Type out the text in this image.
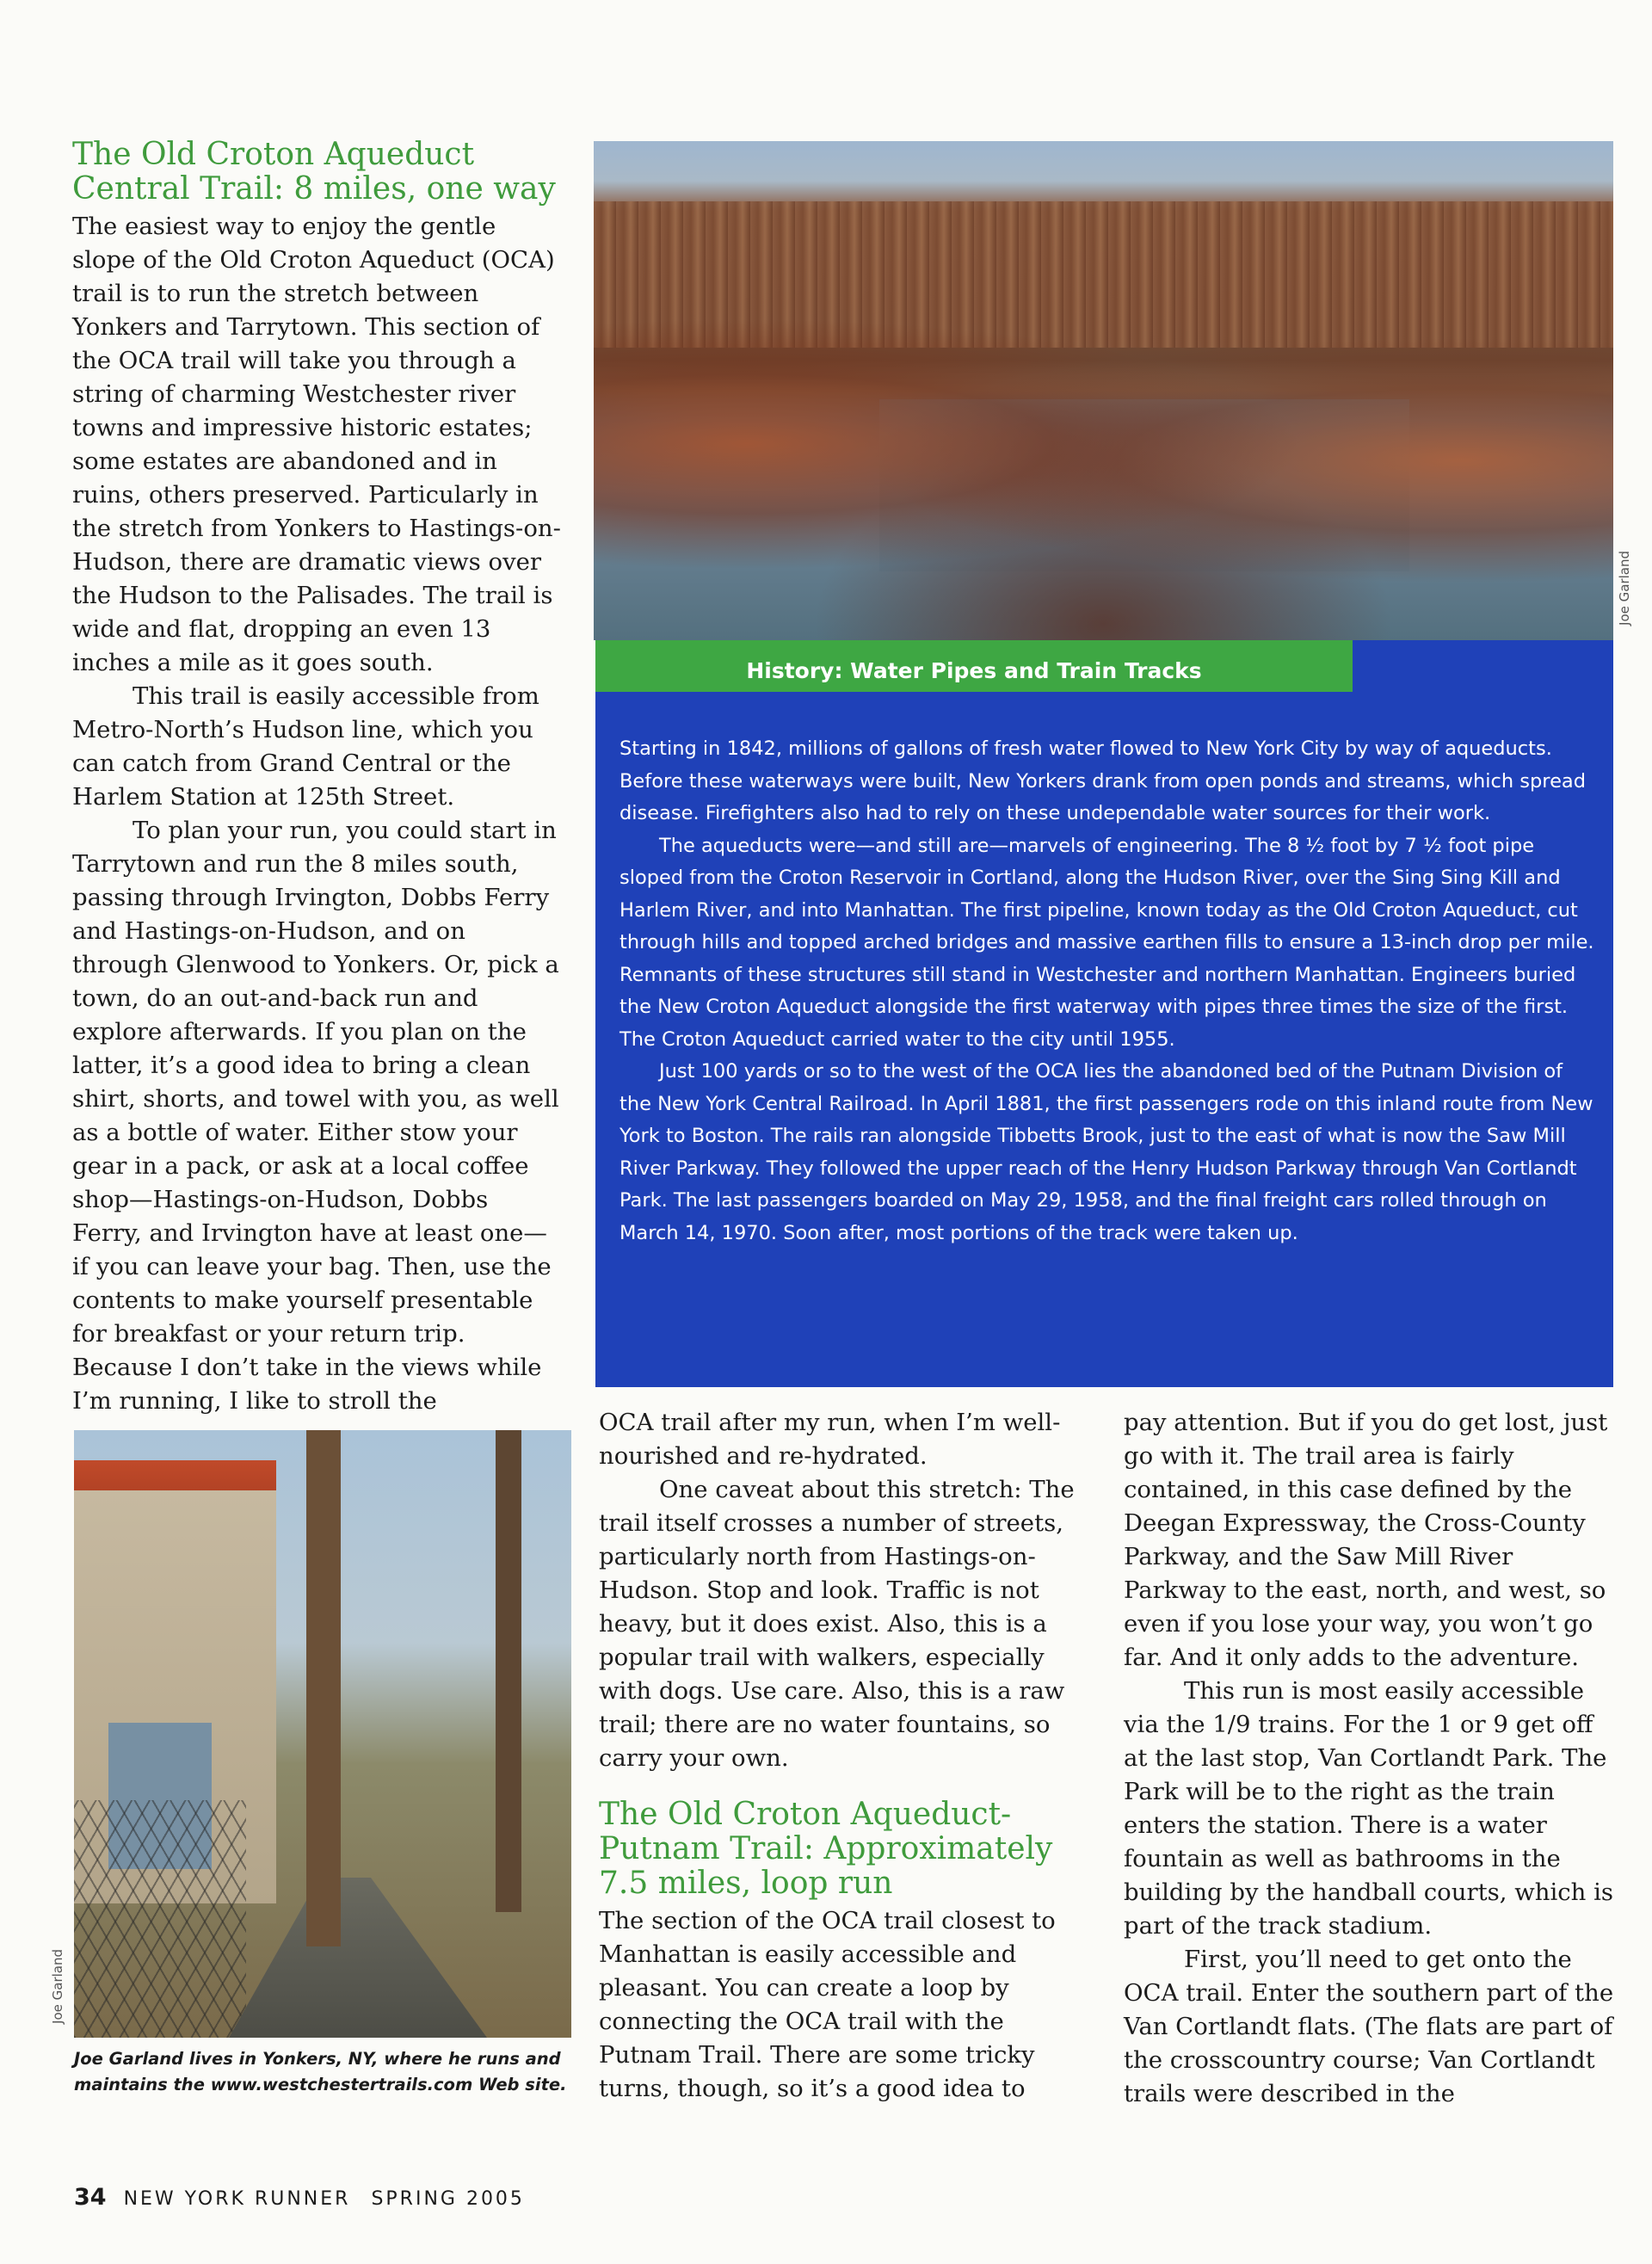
The Old Croton Aqueduct Central Trail: 8 miles, one way

The easiest way to enjoy the gentle slope of the Old Croton Aqueduct (OCA) trail is to run the stretch between Yonkers and Tarrytown. This section of the OCA trail will take you through a string of charming Westchester river towns and impressive historic estates; some estates are abandoned and in ruins, others preserved. Particularly in the stretch from Yonkers to Hastings-on-Hudson, there are dramatic views over the Hudson to the Palisades. The trail is wide and flat, dropping an even 13 inches a mile as it goes south.

This trail is easily accessible from Metro-North’s Hudson line, which you can catch from Grand Central or the Harlem Station at 125th Street.

To plan your run, you could start in Tarrytown and run the 8 miles south, passing through Irvington, Dobbs Ferry and Hastings-on-Hudson, and on through Glenwood to Yonkers. Or, pick a town, do an out-and-back run and explore afterwards. If you plan on the latter, it’s a good idea to bring a clean shirt, shorts, and towel with you, as well as a bottle of water. Either stow your gear in a pack, or ask at a local coffee shop—Hastings-on-Hudson, Dobbs Ferry, and Irvington have at least one—if you can leave your bag. Then, use the contents to make yourself presentable for breakfast or your return trip. Because I don’t take in the views while I’m running, I like to stroll the

Joe Garland
History: Water Pipes and Train Tracks

Starting in 1842, millions of gallons of fresh water flowed to New York City by way of aqueducts. Before these waterways were built, New Yorkers drank from open ponds and streams, which spread disease. Firefighters also had to rely on these undependable water sources for their work.

The aqueducts were—and still are—marvels of engineering. The 8 ½ foot by 7 ½ foot pipe sloped from the Croton Reservoir in Cortland, along the Hudson River, over the Sing Sing Kill and Harlem River, and into Manhattan. The first pipeline, known today as the Old Croton Aqueduct, cut through hills and topped arched bridges and massive earthen fills to ensure a 13-inch drop per mile. Remnants of these structures still stand in Westchester and northern Manhattan. Engineers buried the New Croton Aqueduct alongside the first waterway with pipes three times the size of the first. The Croton Aqueduct carried water to the city until 1955.

Just 100 yards or so to the west of the OCA lies the abandoned bed of the Putnam Division of the New York Central Railroad. In April 1881, the first passengers rode on this inland route from New York to Boston. The rails ran alongside Tibbetts Brook, just to the east of what is now the Saw Mill River Parkway. They followed the upper reach of the Henry Hudson Parkway through Van Cortlandt Park. The last passengers boarded on May 29, 1958, and the final freight cars rolled through on March 14, 1970. Soon after, most portions of the track were taken up.

Joe Garland
Joe Garland lives in Yonkers, NY, where he runs and maintains the www.westchestertrails.com Web site.

OCA trail after my run, when I’m well-nourished and re-hydrated.

One caveat about this stretch: The trail itself crosses a number of streets, particularly north from Hastings-on-Hudson. Stop and look. Traffic is not heavy, but it does exist. Also, this is a popular trail with walkers, especially with dogs. Use care. Also, this is a raw trail; there are no water fountains, so carry your own.

The Old Croton Aqueduct-Putnam Trail: Approximately 7.5 miles, loop run

The section of the OCA trail closest to Manhattan is easily accessible and pleasant. You can create a loop by connecting the OCA trail with the Putnam Trail. There are some tricky turns, though, so it’s a good idea to

pay attention. But if you do get lost, just go with it. The trail area is fairly contained, in this case defined by the Deegan Expressway, the Cross-County Parkway, and the Saw Mill River Parkway to the east, north, and west, so even if you lose your way, you won’t go far. And it only adds to the adventure.

This run is most easily accessible via the 1/9 trains. For the 1 or 9 get off at the last stop, Van Cortlandt Park. The Park will be to the right as the train enters the station. There is a water fountain as well as bathrooms in the building by the handball courts, which is part of the track stadium.

First, you’ll need to get onto the OCA trail. Enter the southern part of the Van Cortlandt flats. (The flats are part of the crosscountry course; Van Cortlandt trails were described in the

34 NEW YORK RUNNER SPRING 2005
